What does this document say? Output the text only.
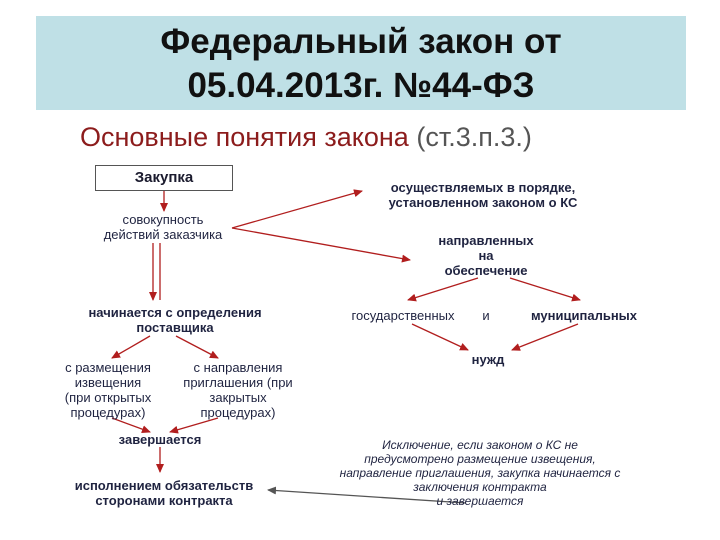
Федеральный закон от
05.04.2013г. №44-ФЗ
Основные понятия закона (ст.3.п.3.)
Закупка
совокупность
действий заказчика
осуществляемых в порядке,
установленном законом о КС
направленных
на
обеспечение
государственных	и	муниципальных
нужд
начинается с определения
поставщика
с размещения
извещения
(при открытых
процедурах)
с направления
приглашения (при
закрытых
процедурах)
завершается
исполнением обязательств
сторонами контракта
Исключение, если законом о КС не
предусмотрено размещение извещения,
направление приглашения, закупка начинается с
заключения контракта
и завершается
